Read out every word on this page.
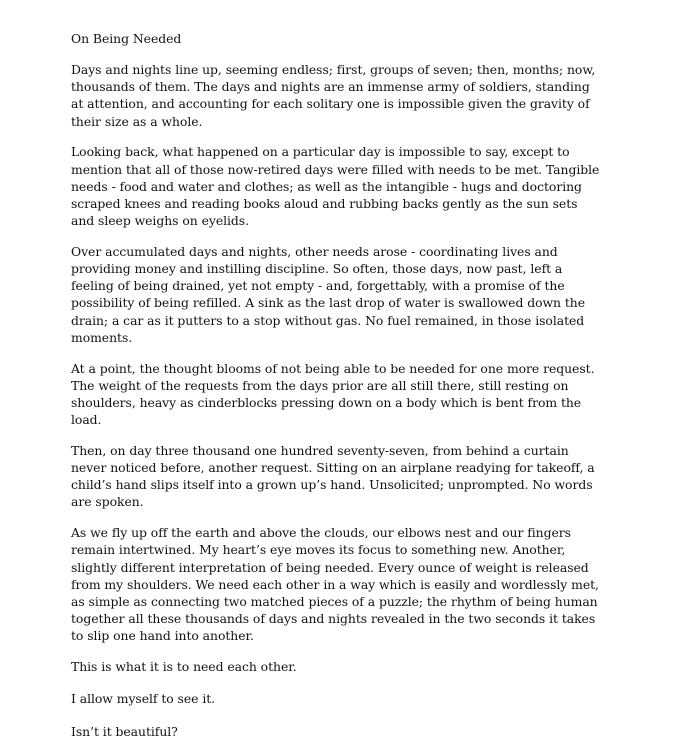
On Being Needed

Days and nights line up, seeming endless; first, groups of seven; then, months; now, thousands of them. The days and nights are an immense army of soldiers, standing at attention, and accounting for each solitary one is impossible given the gravity of their size as a whole.

Looking back, what happened on a particular day is impossible to say, except to mention that all of those now-retired days were filled with needs to be met. Tangible needs - food and water and clothes; as well as the intangible - hugs and doctoring scraped knees and reading books aloud and rubbing backs gently as the sun sets and sleep weighs on eyelids.

Over accumulated days and nights, other needs arose - coordinating lives and providing money and instilling discipline. So often, those days, now past, left a feeling of being drained, yet not empty - and, forgettably, with a promise of the possibility of being refilled. A sink as the last drop of water is swallowed down the drain; a car as it putters to a stop without gas. No fuel remained, in those isolated moments.

At a point, the thought blooms of not being able to be needed for one more request. The weight of the requests from the days prior are all still there, still resting on shoulders, heavy as cinderblocks pressing down on a body which is bent from the load.

Then, on day three thousand one hundred seventy-seven, from behind a curtain never noticed before, another request. Sitting on an airplane readying for takeoff, a child’s hand slips itself into a grown up’s hand. Unsolicited; unprompted. No words are spoken.

As we fly up off the earth and above the clouds, our elbows nest and our fingers remain intertwined. My heart’s eye moves its focus to something new. Another, slightly different interpretation of being needed. Every ounce of weight is released from my shoulders. We need each other in a way which is easily and wordlessly met, as simple as connecting two matched pieces of a puzzle; the rhythm of being human together all these thousands of days and nights revealed in the two seconds it takes to slip one hand into another.

This is what it is to need each other.

I allow myself to see it.

Isn’t it beautiful?
